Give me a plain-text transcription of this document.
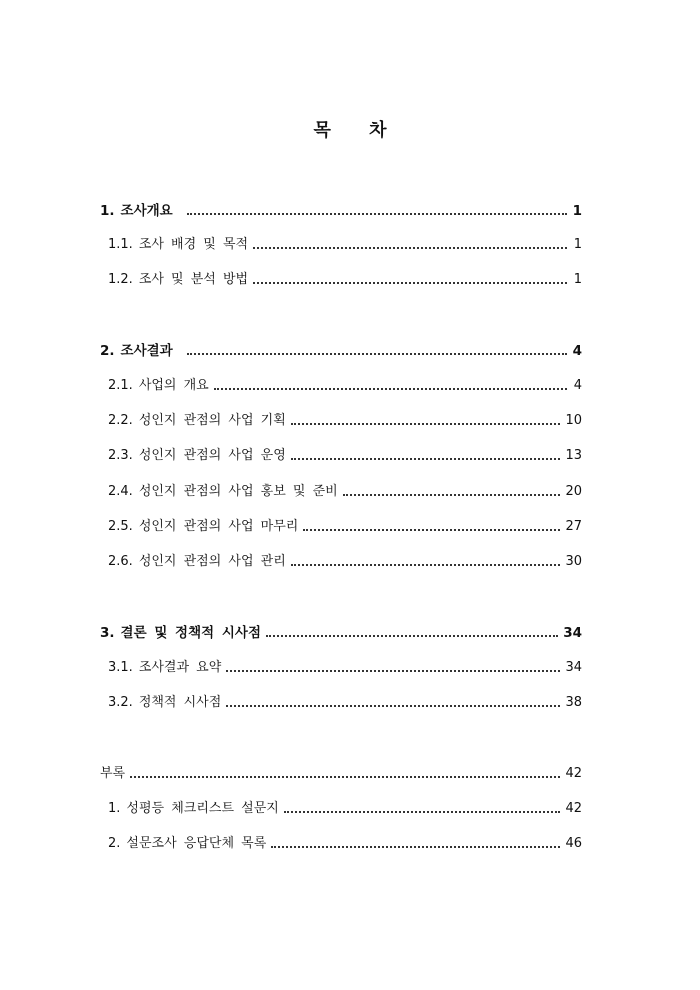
목 차
1. 조사개요	1
1.1. 조사 배경 및 목적	1
1.2. 조사 및 분석 방법	1
2. 조사결과	4
2.1. 사업의 개요	4
2.2. 성인지 관점의 사업 기획	10
2.3. 성인지 관점의 사업 운영	13
2.4. 성인지 관점의 사업 홍보 및 준비	20
2.5. 성인지 관점의 사업 마무리	27
2.6. 성인지 관점의 사업 관리	30
3. 결론 및 정책적 시사점	34
3.1. 조사결과 요약	34
3.2. 정책적 시사점	38
부록	42
1. 성평등 체크리스트 설문지	42
2. 설문조사 응답단체 목록	46
